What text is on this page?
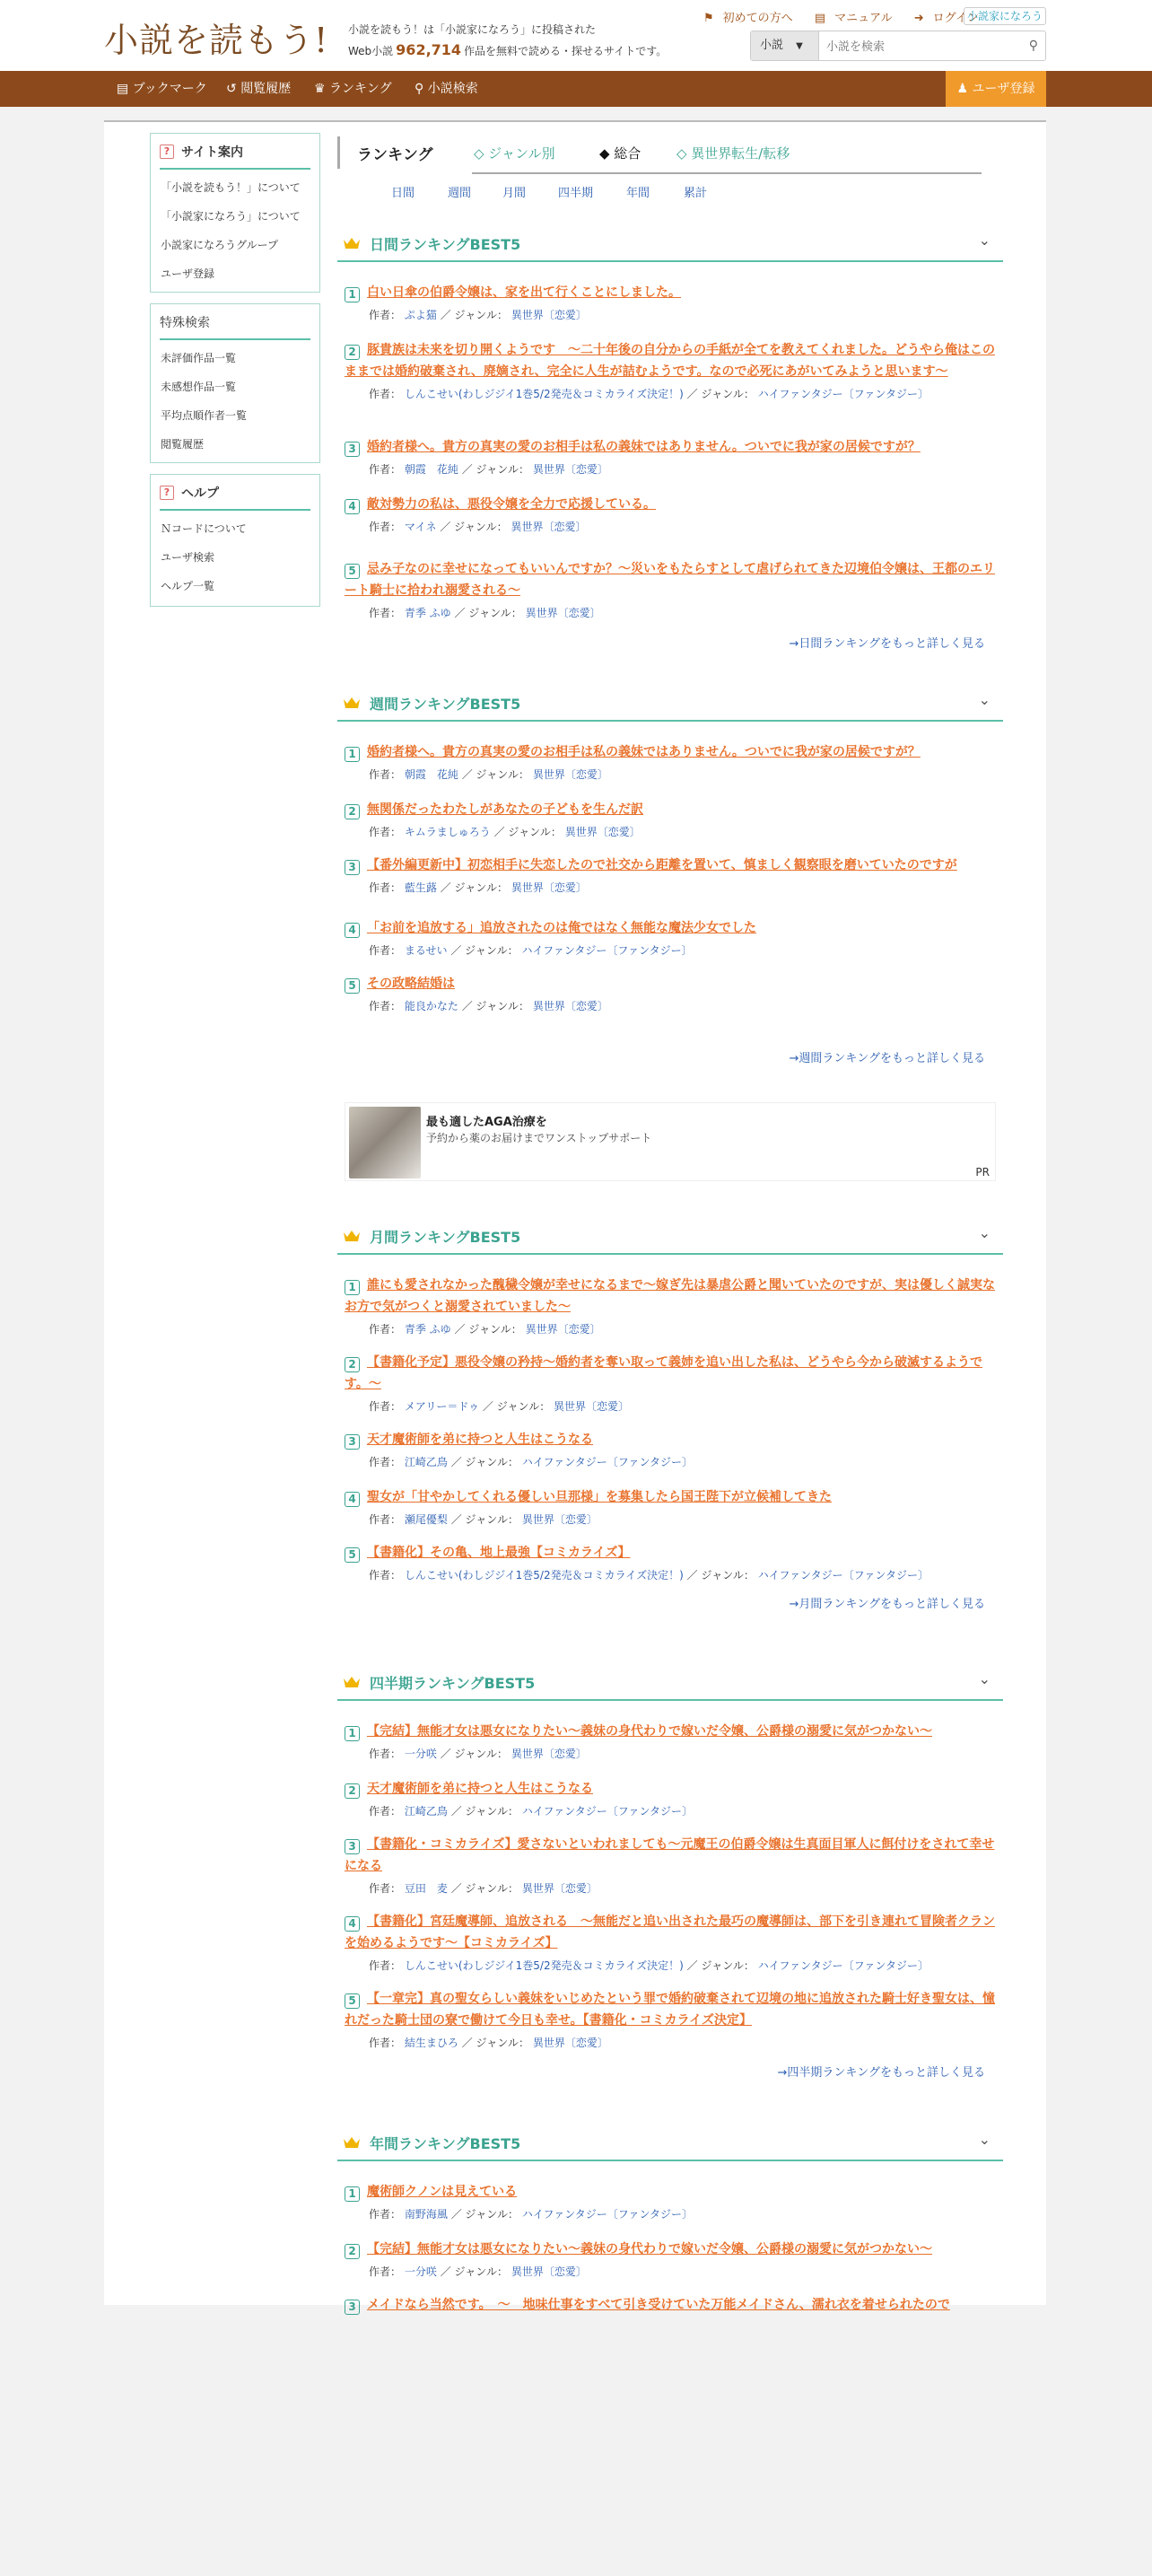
小説を読もう! 小説を読もう！は「小説家になろう」に投稿された
Web小説 962,714 作品を無料で読める・探せるサイトです。
⚑ 初めての方へ ▤ マニュアル ➜ ログイン
小説家になろう
小説 ▼
小説を検索	⚲
▤ ブックマーク ↺ 閲覧履歴 ♛ ランキング ⚲ 小説検索	♟ ユーザ登録
? サイト案内
「小説を読もう！」について
「小説家になろう」について
小説家になろうグループ
ユーザ登録
特殊検索
未評価作品一覧
未感想作品一覧
平均点順作者一覧
閲覧履歴
? ヘルプ
Ｎコードについて
ユーザ検索
ヘルプ一覧
ランキング	◇ ジャンル別	◆ 総合	◇ 異世界転生/転移
日間	週間	月間	四半期	年間	累計
最も適したAGA治療を
予約から薬のお届けまでワンストップサポート
PR
日間ランキングBEST5	⌄
1 白い日傘の伯爵令嬢は、家を出て行くことにしました。
作者： ぷよ猫 ／ ジャンル： 異世界〔恋愛〕
2 豚貴族は未来を切り開くようです　～二十年後の自分からの手紙が全てを教えてくれました。どうやら俺はこのままでは婚約破棄され、廃嫡され、完全に人生が詰むようです。なので必死にあがいてみようと思います～
作者： しんこせい(わしジジイ1巻5/2発売＆コミカライズ決定！) ／ ジャンル： ハイファンタジー〔ファンタジー〕
3 婚約者様へ。貴方の真実の愛のお相手は私の義妹ではありません。ついでに我が家の居候ですが？
作者： 朝霞　花純 ／ ジャンル： 異世界〔恋愛〕
4 敵対勢力の私は、悪役令嬢を全力で応援している。
作者： マイネ ／ ジャンル： 異世界〔恋愛〕
5 忌み子なのに幸せになってもいいんですか？～災いをもたらすとして虐げられてきた辺境伯令嬢は、王都のエリート騎士に拾われ溺愛される～
作者： 青季 ふゆ ／ ジャンル： 異世界〔恋愛〕
→日間ランキングをもっと詳しく見る
週間ランキングBEST5	⌄
1 婚約者様へ。貴方の真実の愛のお相手は私の義妹ではありません。ついでに我が家の居候ですが？
作者： 朝霞　花純 ／ ジャンル： 異世界〔恋愛〕
2 無関係だったわたしがあなたの子どもを生んだ訳
作者： キムラましゅろう ／ ジャンル： 異世界〔恋愛〕
3 【番外編更新中】初恋相手に失恋したので社交から距離を置いて、慎ましく観察眼を磨いていたのですが
作者： 藍生蕗 ／ ジャンル： 異世界〔恋愛〕
4 「お前を追放する」追放されたのは俺ではなく無能な魔法少女でした
作者： まるせい ／ ジャンル： ハイファンタジー〔ファンタジー〕
5 その政略結婚は
作者： 能良かなた ／ ジャンル： 異世界〔恋愛〕
→週間ランキングをもっと詳しく見る
月間ランキングBEST5	⌄
1 誰にも愛されなかった醜穢令嬢が幸せになるまで〜嫁ぎ先は暴虐公爵と聞いていたのですが、実は優しく誠実なお方で気がつくと溺愛されていました〜
作者： 青季 ふゆ ／ ジャンル： 異世界〔恋愛〕
2 【書籍化予定】悪役令嬢の矜持〜婚約者を奪い取って義姉を追い出した私は、どうやら今から破滅するようです。〜
作者： メアリー＝ドゥ ／ ジャンル： 異世界〔恋愛〕
3 天才魔術師を弟に持つと人生はこうなる
作者： 江崎乙鳥 ／ ジャンル： ハイファンタジー〔ファンタジー〕
4 聖女が「甘やかしてくれる優しい旦那様」を募集したら国王陛下が立候補してきた
作者： 瀬尾優梨 ／ ジャンル： 異世界〔恋愛〕
5 【書籍化】その亀、地上最強【コミカライズ】
作者： しんこせい(わしジジイ1巻5/2発売＆コミカライズ決定！) ／ ジャンル： ハイファンタジー〔ファンタジー〕
→月間ランキングをもっと詳しく見る
四半期ランキングBEST5	⌄
1 【完結】無能才女は悪女になりたい～義妹の身代わりで嫁いだ令嬢、公爵様の溺愛に気がつかない～
作者： 一分咲 ／ ジャンル： 異世界〔恋愛〕
2 天才魔術師を弟に持つと人生はこうなる
作者： 江崎乙鳥 ／ ジャンル： ハイファンタジー〔ファンタジー〕
3 【書籍化・コミカライズ】愛さないといわれましても～元魔王の伯爵令嬢は生真面目軍人に餌付けをされて幸せになる
作者： 豆田　麦 ／ ジャンル： 異世界〔恋愛〕
4 【書籍化】宮廷魔導師、追放される　～無能だと追い出された最巧の魔導師は、部下を引き連れて冒険者クランを始めるようです～【コミカライズ】
作者： しんこせい(わしジジイ1巻5/2発売＆コミカライズ決定！) ／ ジャンル： ハイファンタジー〔ファンタジー〕
5 【一章完】真の聖女らしい義妹をいじめたという罪で婚約破棄されて辺境の地に追放された騎士好き聖女は、憧れだった騎士団の寮で働けて今日も幸せ。【書籍化・コミカライズ決定】
作者： 結生まひろ ／ ジャンル： 異世界〔恋愛〕
→四半期ランキングをもっと詳しく見る
年間ランキングBEST5	⌄
1 魔術師クノンは見えている
作者： 南野海風 ／ ジャンル： ハイファンタジー〔ファンタジー〕
2 【完結】無能才女は悪女になりたい～義妹の身代わりで嫁いだ令嬢、公爵様の溺愛に気がつかない～
作者： 一分咲 ／ ジャンル： 異世界〔恋愛〕
3 メイドなら当然です。　～　地味仕事をすべて引き受けていた万能メイドさん、濡れ衣を着せられたので
